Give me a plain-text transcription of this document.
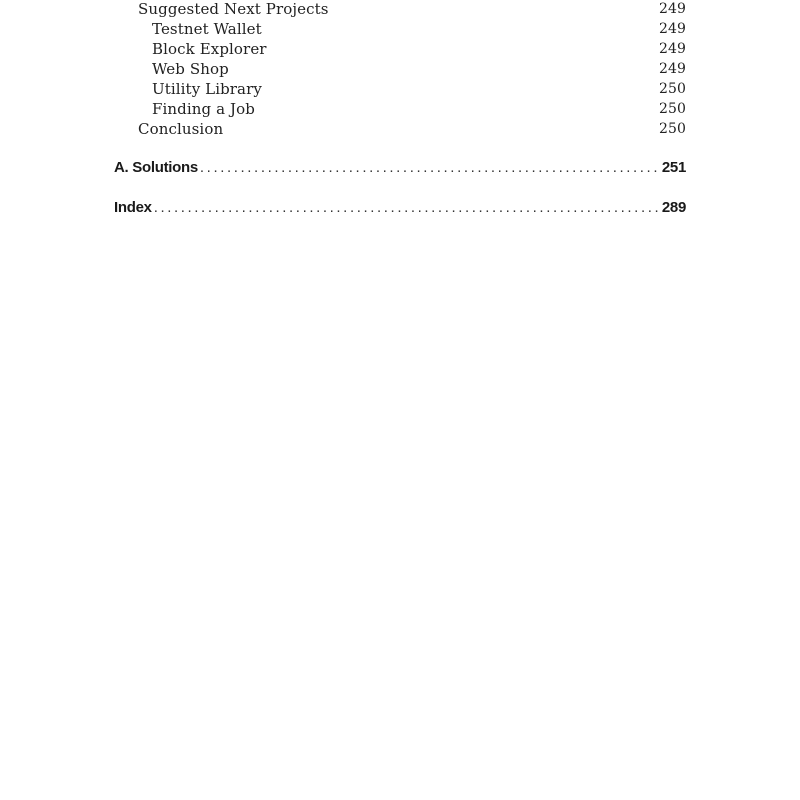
Suggested Next Projects	249
Testnet Wallet	249
Block Explorer	249
Web Shop	249
Utility Library	250
Finding a Job	250
Conclusion	250
A. Solutions .....	251
Index .....	289
